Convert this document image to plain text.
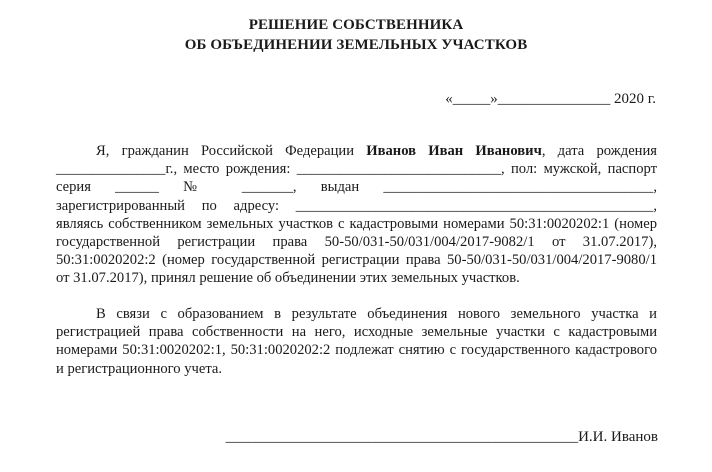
РЕШЕНИЕ СОБСТВЕННИКА
ОБ ОБЪЕДИНЕНИИ ЗЕМЕЛЬНЫХ УЧАСТКОВ
«_____»_______________ 2020 г.
Я, гражданин Российской Федерации Иванов Иван Иванович, дата рождения _______________г., место рождения: ____________________________, пол: мужской, паспорт серия ______ № _______, выдан _____________________________________, зарегистрированный по адресу: _________________________________________________, являясь собственником земельных участков с кадастровыми номерами 50:31:0020202:1 (номер государственной регистрации права 50-50/031-50/031/004/2017-9082/1 от 31.07.2017), 50:31:0020202:2 (номер государственной регистрации права 50-50/031-50/031/004/2017-9080/1 от 31.07.2017), принял решение об объединении этих земельных участков.
В связи с образованием в результате объединения нового земельного участка и регистрацией права собственности на него, исходные земельные участки с кадастровыми номерами 50:31:0020202:1, 50:31:0020202:2 подлежат снятию с государственного кадастрового и регистрационного учета.
_______________________________________________И.И. Иванов
